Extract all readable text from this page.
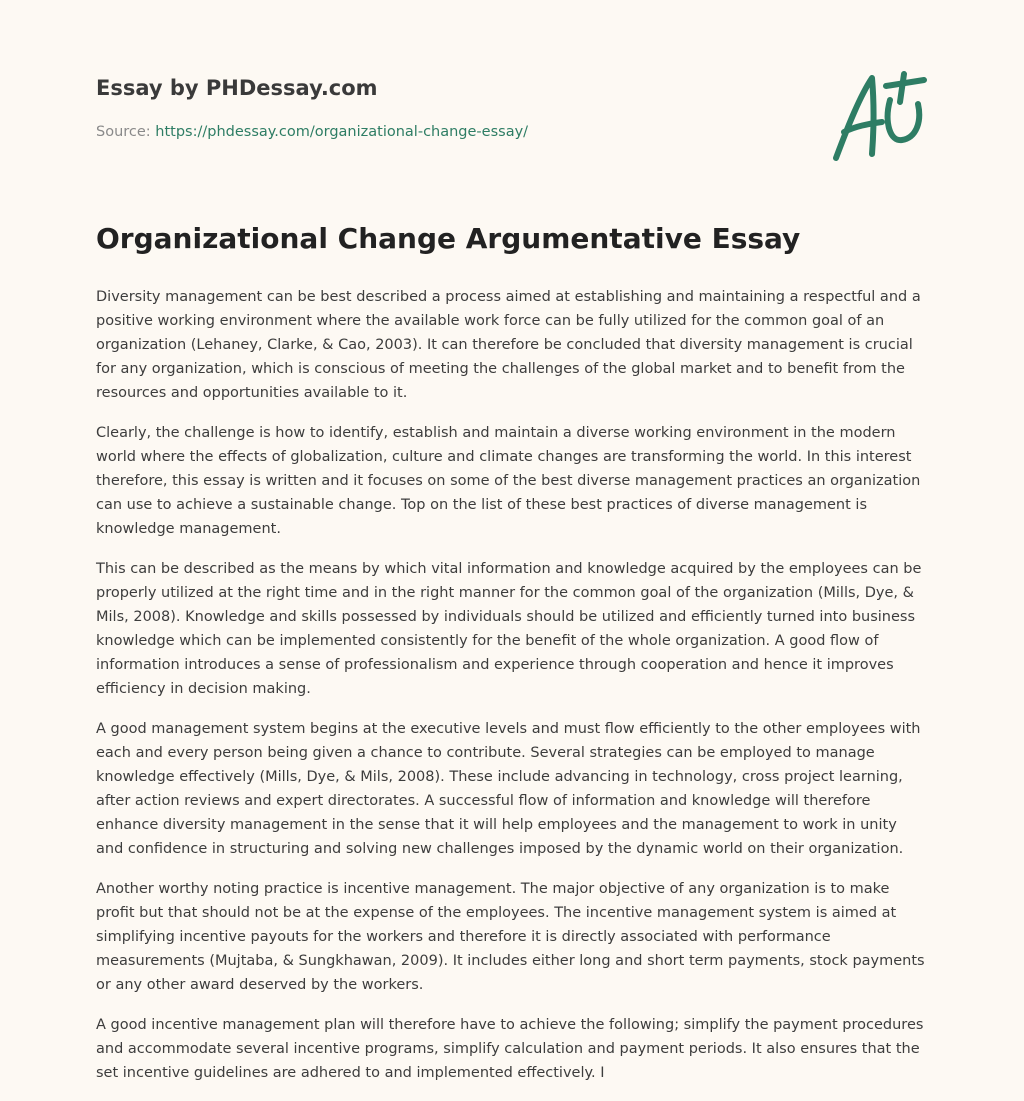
Essay by PHDessay.com
Source: https://phdessay.com/organizational-change-essay/
Organizational Change Argumentative Essay

Diversity management can be best described a process aimed at establishing and maintaining a respectful and a positive working environment where the available work force can be fully utilized for the common goal of an organization (Lehaney, Clarke, & Cao, 2003). It can therefore be concluded that diversity management is crucial for any organization, which is conscious of meeting the challenges of the global market and to benefit from the resources and opportunities available to it.

Clearly, the challenge is how to identify, establish and maintain a diverse working environment in the modern world where the effects of globalization, culture and climate changes are transforming the world. In this interest therefore, this essay is written and it focuses on some of the best diverse management practices an organization can use to achieve a sustainable change. Top on the list of these best practices of diverse management is knowledge management.

This can be described as the means by which vital information and knowledge acquired by the employees can be properly utilized at the right time and in the right manner for the common goal of the organization (Mills, Dye, & Mils, 2008). Knowledge and skills possessed by individuals should be utilized and efficiently turned into business knowledge which can be implemented consistently for the benefit of the whole organization. A good flow of information introduces a sense of professionalism and experience through cooperation and hence it improves efficiency in decision making.

A good management system begins at the executive levels and must flow efficiently to the other employees with each and every person being given a chance to contribute. Several strategies can be employed to manage knowledge effectively (Mills, Dye, & Mils, 2008). These include advancing in technology, cross project learning, after action reviews and expert directorates. A successful flow of information and knowledge will therefore enhance diversity management in the sense that it will help employees and the management to work in unity and confidence in structuring and solving new challenges imposed by the dynamic world on their organization.

Another worthy noting practice is incentive management. The major objective of any organization is to make profit but that should not be at the expense of the employees. The incentive management system is aimed at simplifying incentive payouts for the workers and therefore it is directly associated with performance measurements (Mujtaba, & Sungkhawan, 2009). It includes either long and short term payments, stock payments or any other award deserved by the workers.

A good incentive management plan will therefore have to achieve the following; simplify the payment procedures and accommodate several incentive programs, simplify calculation and payment periods. It also ensures that the set incentive guidelines are adhered to and implemented effectively. I
